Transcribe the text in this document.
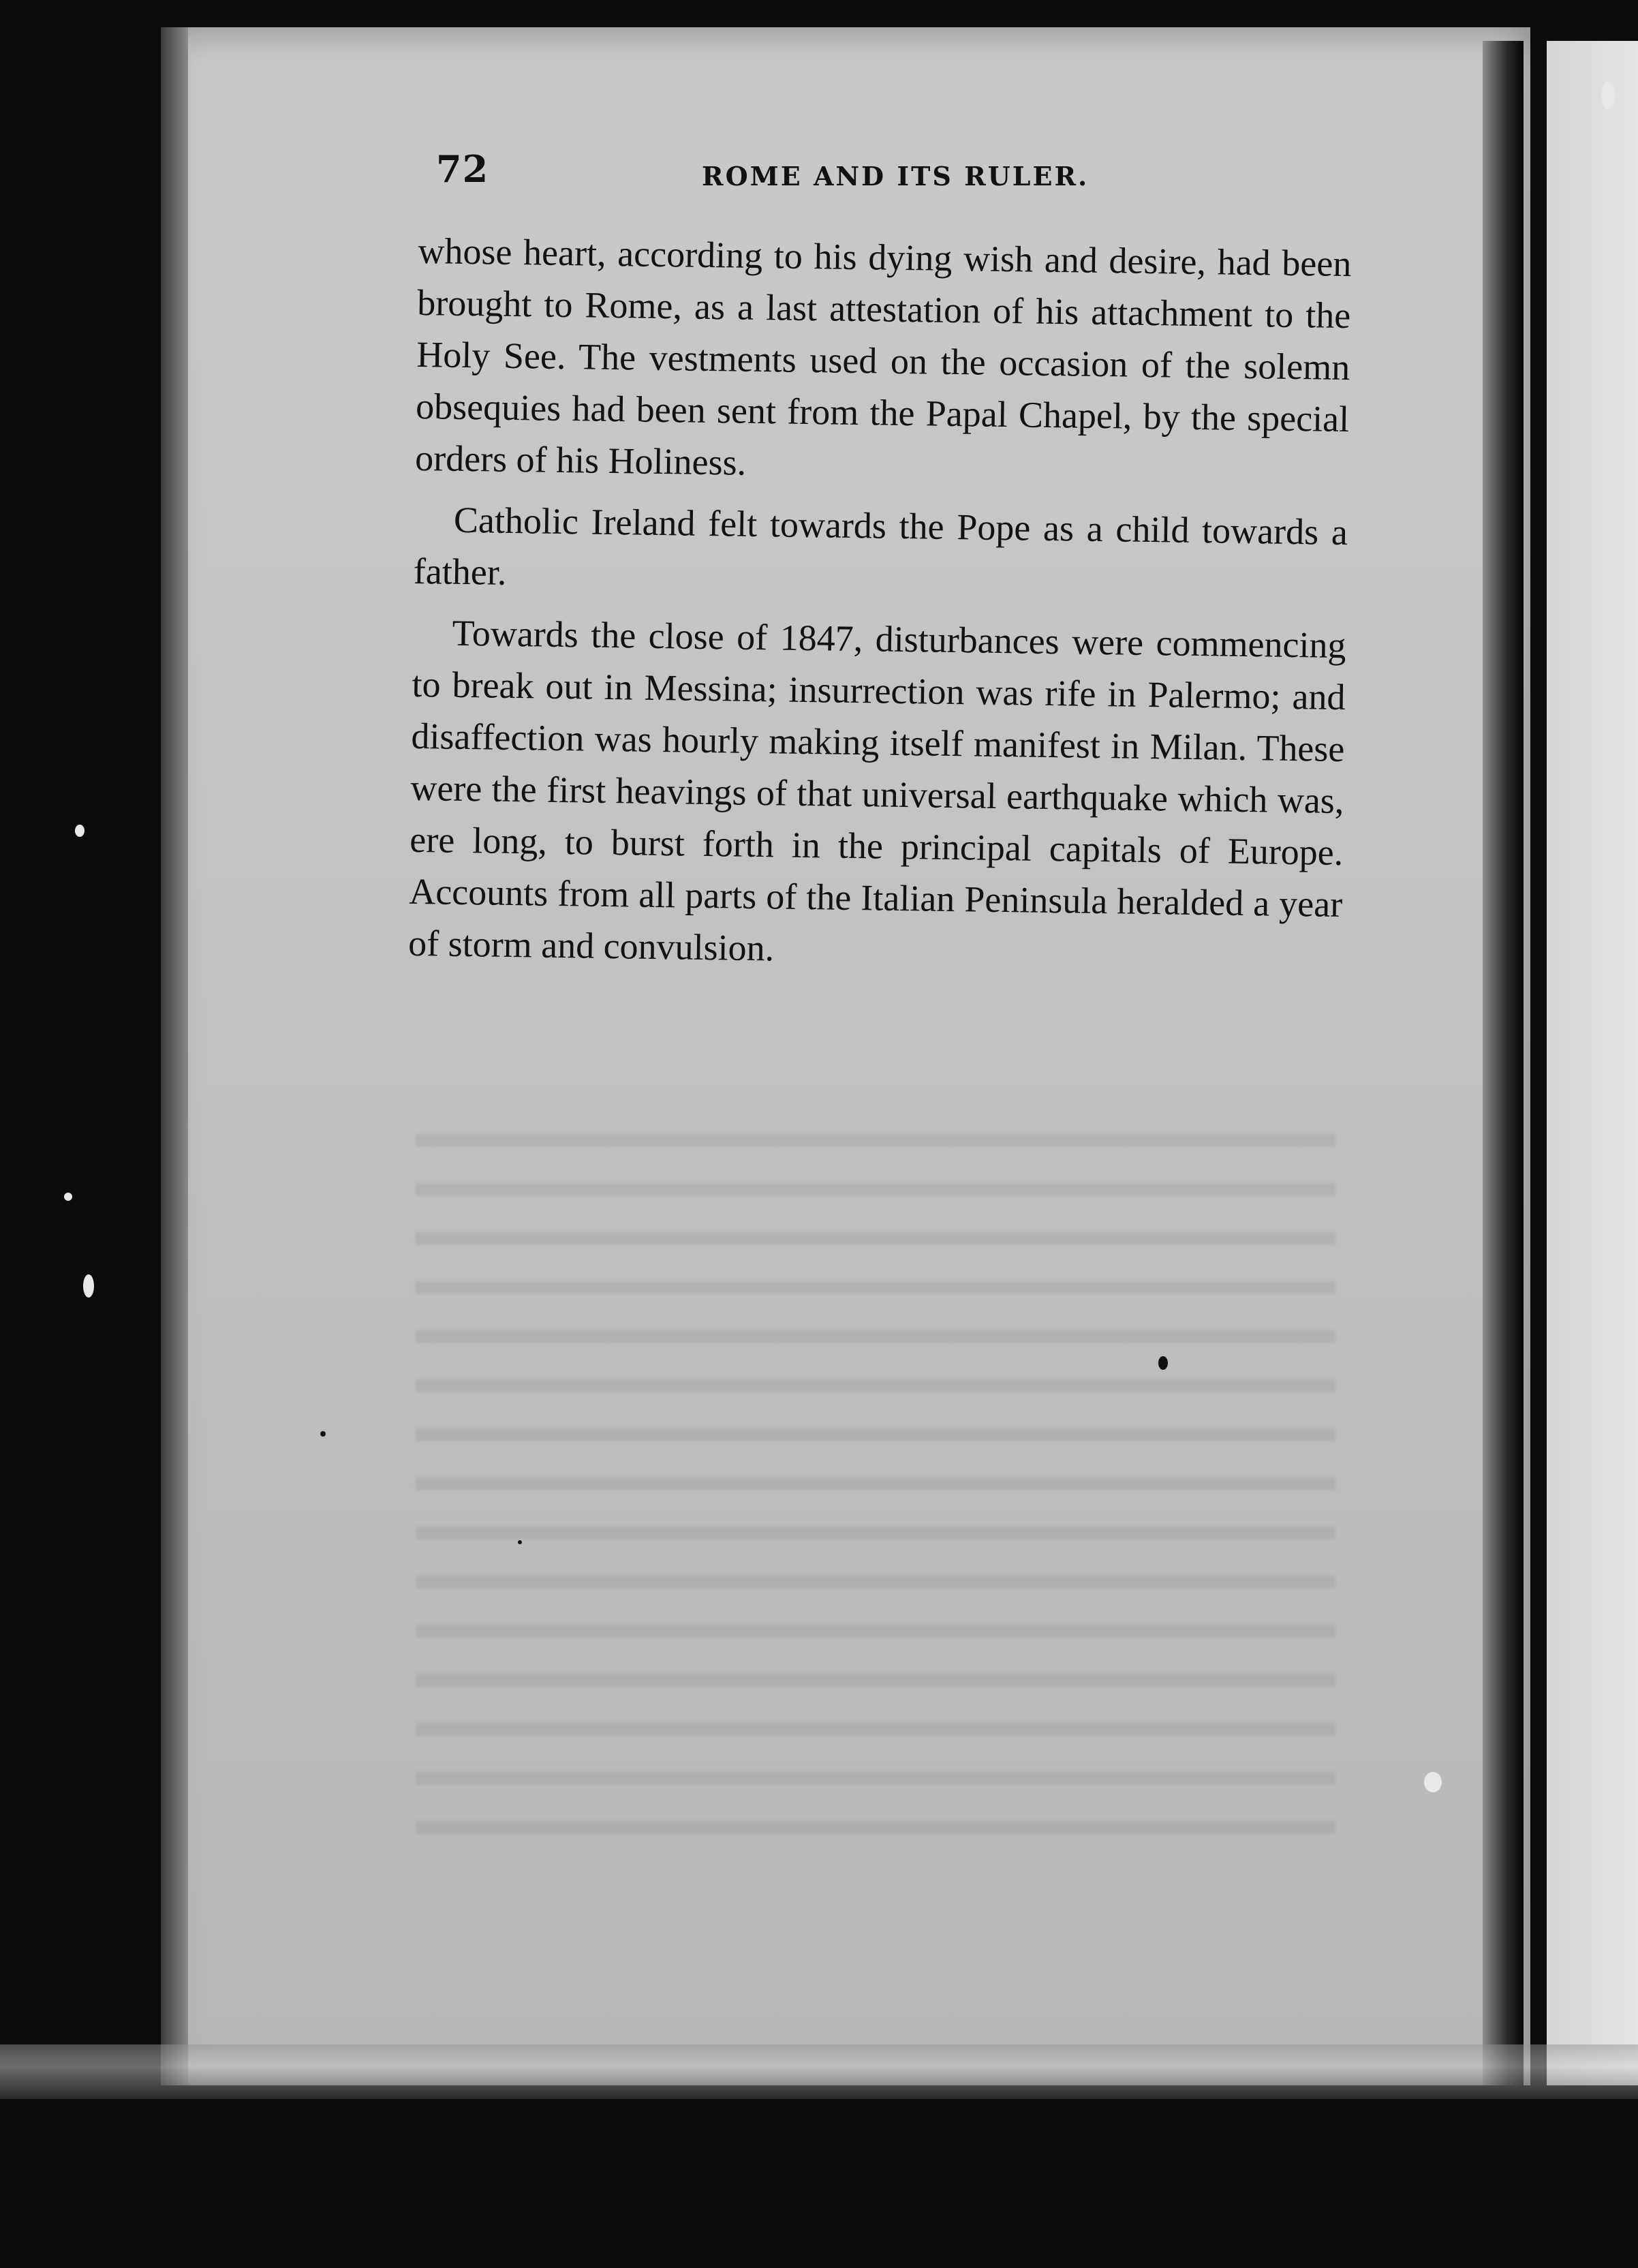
72	ROME AND ITS RULER.

whose heart, according to his dying wish and desire, had been brought to Rome, as a last attestation of his attachment to the Holy See. The vestments used on the occasion of the solemn obsequies had been sent from the Papal Chapel, by the special orders of his Holiness.

Catholic Ireland felt towards the Pope as a child towards a father.

Towards the close of 1847, disturbances were commencing to break out in Messina; insurrection was rife in Palermo; and disaffection was hourly making itself manifest in Milan. These were the first heavings of that universal earthquake which was, ere long, to burst forth in the principal capitals of Europe. Accounts from all parts of the Italian Peninsula heralded a year of storm and convulsion.
